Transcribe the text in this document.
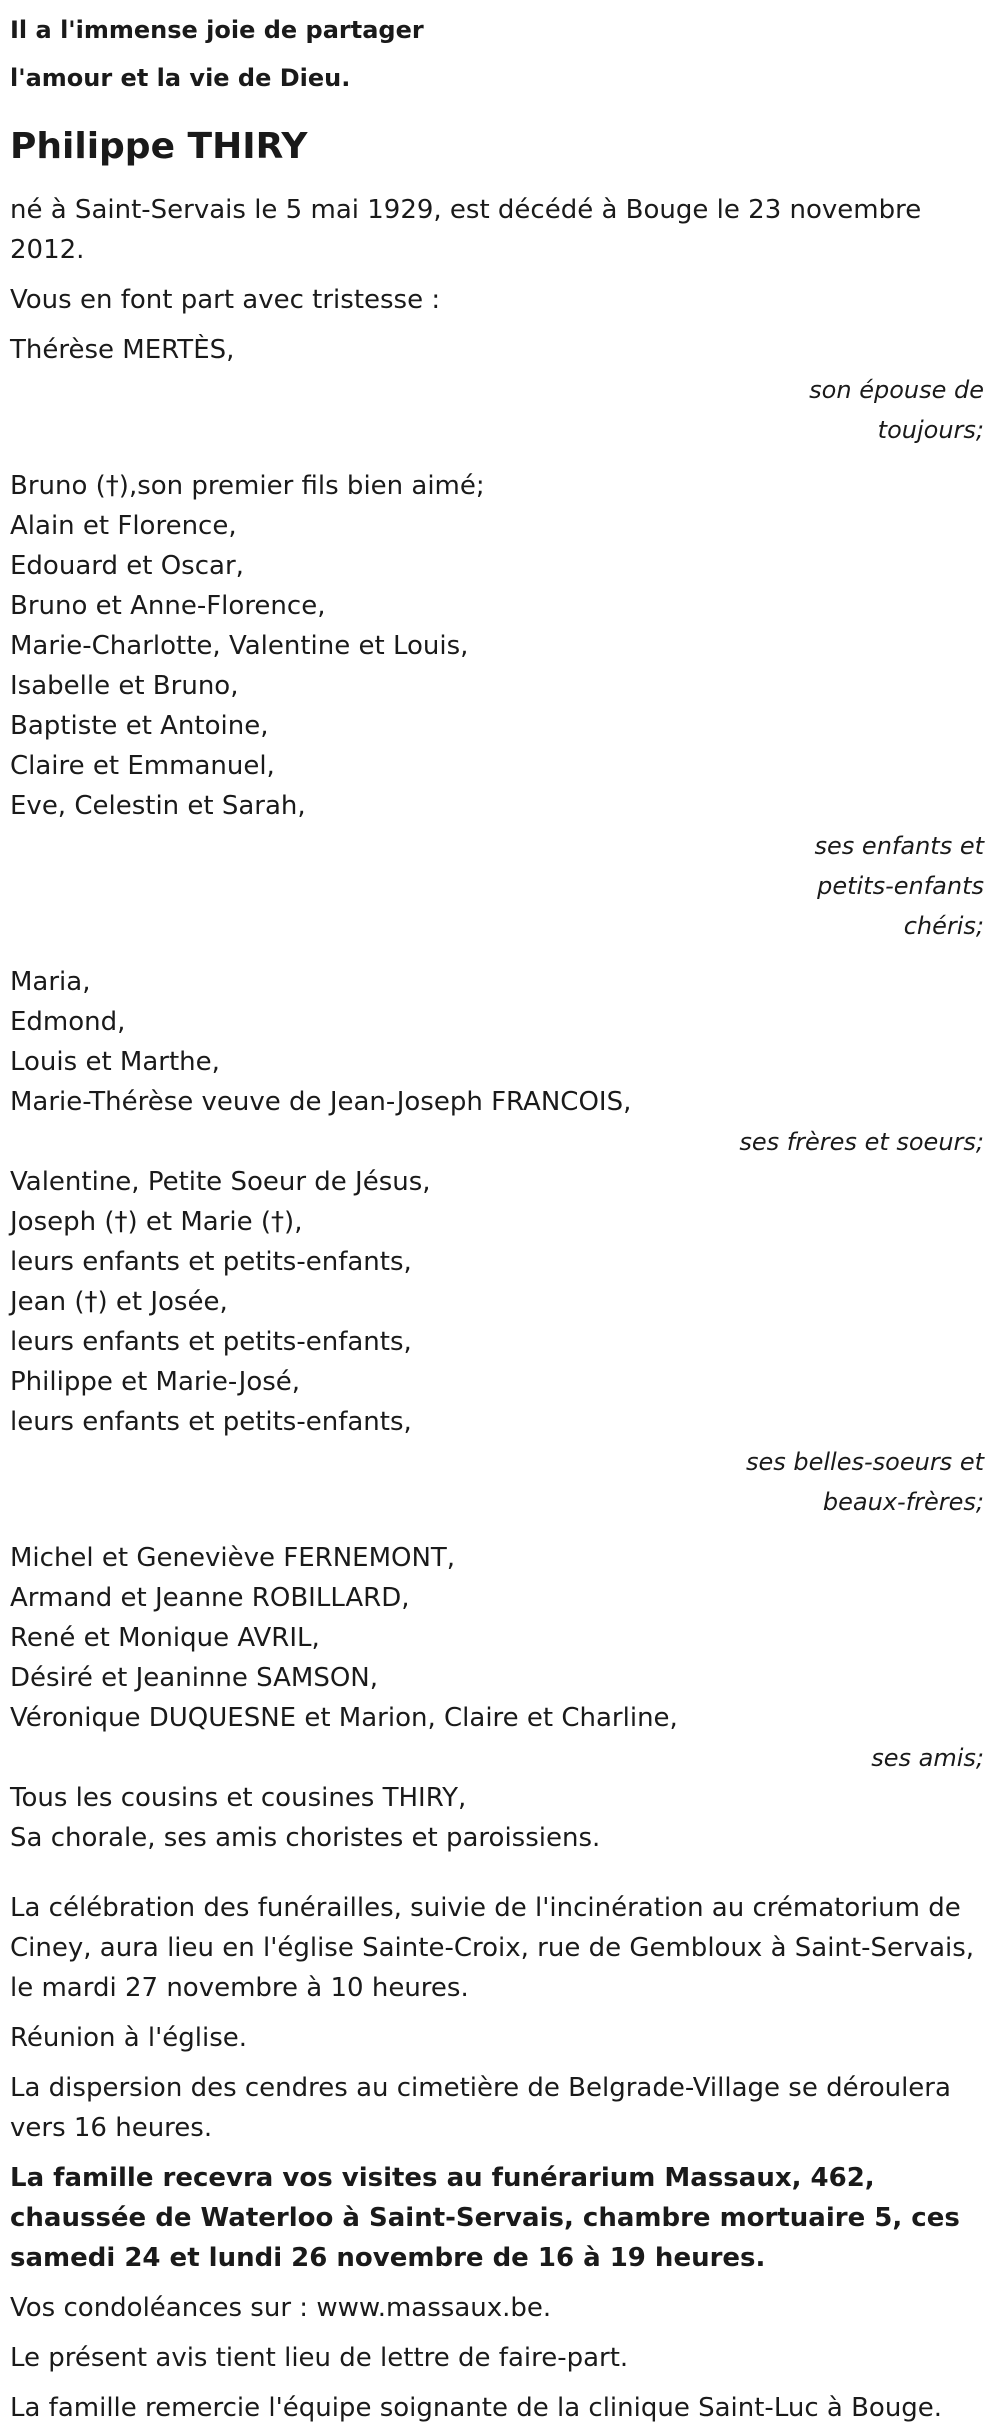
Il a l'immense joie de partager
l'amour et la vie de Dieu.
Philippe THIRY

né à Saint-Servais le 5 mai 1929, est décédé à Bouge le 23 novembre 2012.

Vous en font part avec tristesse :

Thérèse MERTÈS,
son épouse de
toujours;
Bruno (†),son premier fils bien aimé;
Alain et Florence,
Edouard et Oscar,
Bruno et Anne-Florence,
Marie-Charlotte, Valentine et Louis,
Isabelle et Bruno,
Baptiste et Antoine,
Claire et Emmanuel,
Eve, Celestin et Sarah,
ses enfants et
petits-enfants
chéris;
Maria,
Edmond,
Louis et Marthe,
Marie-Thérèse veuve de Jean-Joseph FRANCOIS,
ses frères et soeurs;
Valentine, Petite Soeur de Jésus,
Joseph (†) et Marie (†),
leurs enfants et petits-enfants,
Jean (†) et Josée,
leurs enfants et petits-enfants,
Philippe et Marie-José,
leurs enfants et petits-enfants,
ses belles-soeurs et
beaux-frères;
Michel et Geneviève FERNEMONT,
Armand et Jeanne ROBILLARD,
René et Monique AVRIL,
Désiré et Jeaninne SAMSON,
Véronique DUQUESNE et Marion, Claire et Charline,
ses amis;
Tous les cousins et cousines THIRY,
Sa chorale, ses amis choristes et paroissiens.

La célébration des funérailles, suivie de l'incinération au crématorium de Ciney, aura lieu en l'église Sainte-Croix, rue de Gembloux à Saint-Servais, le mardi 27 novembre à 10 heures.

Réunion à l'église.

La dispersion des cendres au cimetière de Belgrade-Village se déroulera vers 16 heures.

La famille recevra vos visites au funérarium Massaux, 462, chaussée de Waterloo à Saint-Servais, chambre mortuaire 5, ces samedi 24 et lundi 26 novembre de 16 à 19 heures.

Vos condoléances sur : www.massaux.be.

Le présent avis tient lieu de lettre de faire-part.

La famille remercie l'équipe soignante de la clinique Saint-Luc à Bouge.
